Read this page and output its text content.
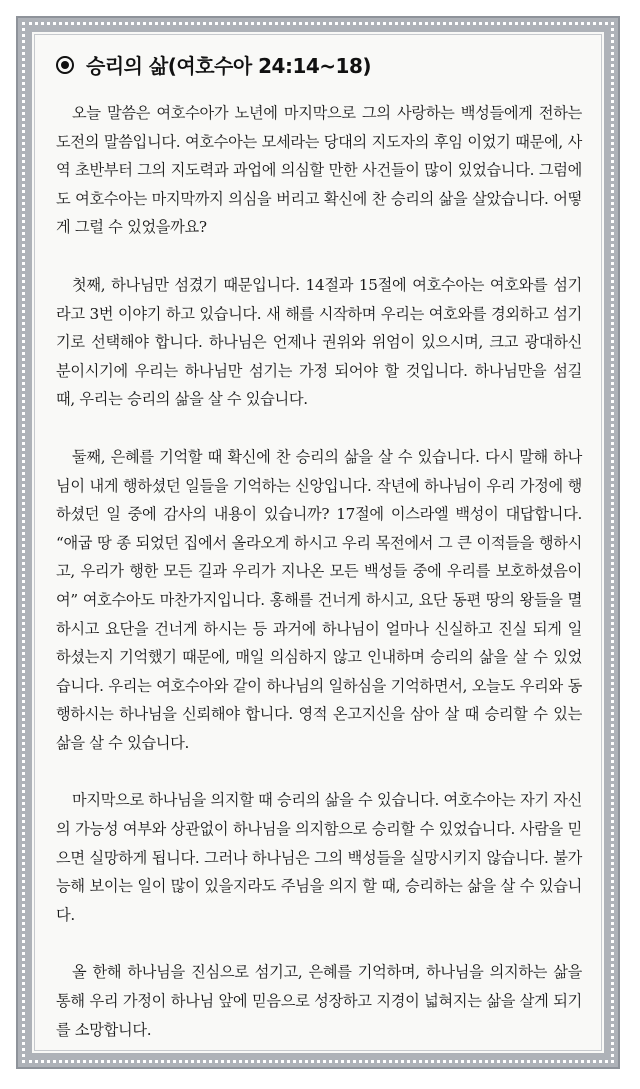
승리의 삶(여호수아 24:14~18)

오늘 말씀은 여호수아가 노년에 마지막으로 그의 사랑하는 백성들에게 전하는 도전의 말씀입니다. 여호수아는 모세라는 당대의 지도자의 후임 이었기 때문에, 사역 초반부터 그의 지도력과 과업에 의심할 만한 사건들이 많이 있었습니다. 그럼에도 여호수아는 마지막까지 의심을 버리고 확신에 찬 승리의 삶을 살았습니다. 어떻게 그럴 수 있었을까요?

첫째, 하나님만 섬겼기 때문입니다. 14절과 15절에 여호수아는 여호와를 섬기라고 3번 이야기 하고 있습니다. 새 해를 시작하며 우리는 여호와를 경외하고 섬기기로 선택해야 합니다. 하나님은 언제나 권위와 위엄이 있으시며, 크고 광대하신 분이시기에 우리는 하나님만 섬기는 가정 되어야 할 것입니다. 하나님만을 섬길 때, 우리는 승리의 삶을 살 수 있습니다.

둘째, 은혜를 기억할 때 확신에 찬 승리의 삶을 살 수 있습니다. 다시 말해 하나님이 내게 행하셨던 일들을 기억하는 신앙입니다. 작년에 하나님이 우리 가정에 행하셨던 일 중에 감사의 내용이 있습니까? 17절에 이스라엘 백성이 대답합니다. “애굽 땅 종 되었던 집에서 올라오게 하시고 우리 목전에서 그 큰 이적들을 행하시고, 우리가 행한 모든 길과 우리가 지나온 모든 백성들 중에 우리를 보호하셨음이여” 여호수아도 마찬가지입니다. 홍해를 건너게 하시고, 요단 동편 땅의 왕들을 멸하시고 요단을 건너게 하시는 등 과거에 하나님이 얼마나 신실하고 진실 되게 일 하셨는지 기억했기 때문에, 매일 의심하지 않고 인내하며 승리의 삶을 살 수 있었습니다. 우리는 여호수아와 같이 하나님의 일하심을 기억하면서, 오늘도 우리와 동행하시는 하나님을 신뢰해야 합니다. 영적 온고지신을 삼아 살 때 승리할 수 있는 삶을 살 수 있습니다.

마지막으로 하나님을 의지할 때 승리의 삶을 수 있습니다. 여호수아는 자기 자신의 가능성 여부와 상관없이 하나님을 의지함으로 승리할 수 있었습니다. 사람을 믿으면 실망하게 됩니다. 그러나 하나님은 그의 백성들을 실망시키지 않습니다. 불가능해 보이는 일이 많이 있을지라도 주님을 의지 할 때, 승리하는 삶을 살 수 있습니다.

올 한해 하나님을 진심으로 섬기고, 은혜를 기억하며, 하나님을 의지하는 삶을 통해 우리 가정이 하나님 앞에 믿음으로 성장하고 지경이 넓혀지는 삶을 살게 되기를 소망합니다.
